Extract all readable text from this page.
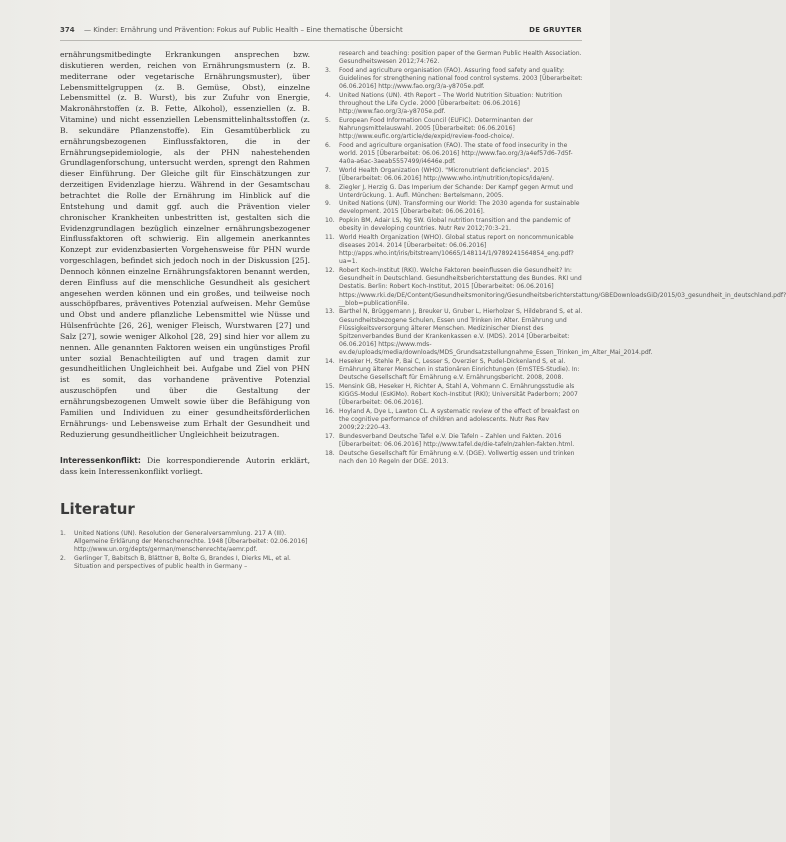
374 — Kinder: Ernährung und Prävention: Fokus auf Public Health – Eine thematische Übersicht	DE GRUYTER

ernährungsmitbedingte Erkrankungen ansprechen bzw. diskutieren werden, reichen von Ernährungsmustern (z. B. mediterrane oder vegetarische Ernährungsmuster), über Lebensmittelgruppen (z. B. Gemüse, Obst), einzelne Lebensmittel (z. B. Wurst), bis zur Zufuhr von Energie, Makronährstoffen (z. B. Fette, Alkohol), essenziellen (z. B. Vitamine) und nicht essenziellen Lebensmittelinhaltsstoffen (z. B. sekundäre Pflanzenstoffe). Ein Gesamtüberblick zu ernährungsbezogenen Einflussfaktoren, die in der Ernährungsepidemiologie, als der PHN nahestehenden Grundlagenforschung, untersucht werden, sprengt den Rahmen dieser Einführung. Der Gleiche gilt für Einschätzungen zur derzeitigen Evidenzlage hierzu. Während in der Gesamtschau betrachtet die Rolle der Ernährung im Hinblick auf die Entstehung und damit ggf. auch die Prävention vieler chronischer Krankheiten unbestritten ist, gestalten sich die Evidenzgrundlagen bezüglich einzelner ernährungsbezogener Einflussfaktoren oft schwierig. Ein allgemein anerkanntes Konzept zur evidenzbasierten Vorgehensweise für PHN wurde vorgeschlagen, befindet sich jedoch noch in der Diskussion [25]. Dennoch können einzelne Ernährungsfaktoren benannt werden, deren Einfluss auf die menschliche Gesundheit als gesichert angesehen werden können und ein großes, und teilweise noch ausschöpfbares, präventives Potenzial aufweisen. Mehr Gemüse und Obst und andere pflanzliche Lebensmittel wie Nüsse und Hülsenfrüchte [26, 26], weniger Fleisch, Wurstwaren [27] und Salz [27], sowie weniger Alkohol [28, 29] sind hier vor allem zu nennen. Alle genannten Faktoren weisen ein ungünstiges Profil unter sozial Benachteiligten auf und tragen damit zur gesundheitlichen Ungleichheit bei. Aufgabe und Ziel von PHN ist es somit, das vorhandene präventive Potenzial auszuschöpfen und über die Gestaltung der ernährungsbezogenen Umwelt sowie über die Befähigung von Familien und Individuen zu einer gesundheitsförderlichen Ernährungs- und Lebensweise zum Erhalt der Gesundheit und Reduzierung gesundheitlicher Ungleichheit beizutragen.

Interessenkonflikt: Die korrespondierende Autorin erklärt, dass kein Interessenkonflikt vorliegt.

Literatur
1. United Nations (UN). Resolution der Generalversammlung. 217 A (III). Allgemeine Erklärung der Menschenrechte. 1948 [Überarbeitet: 02.06.2016] http://www.un.org/depts/german/menschenrechte/aemr.pdf.
2. Gerlinger T, Babitsch B, Blättner B, Bolte G, Brandes I, Dierks ML, et al. Situation and perspectives of public health in Germany –
research and teaching: position paper of the German Public Health Association. Gesundheitswesen 2012;74:762.
3. Food and agriculture organisation (FAO). Assuring food safety and quality: Guidelines for strengthening national food control systems. 2003 [Überarbeitet: 06.06.2016] http://www.fao.org/3/a-y8705e.pdf.
4. United Nations (UN). 4th Report – The World Nutrition Situation: Nutrition throughout the Life Cycle. 2000 [Überarbeitet: 06.06.2016] http://www.fao.org/3/a-y8705e.pdf.
5. European Food Information Council (EUFIC). Determinanten der Nahrungsmittelauswahl. 2005 [Überarbeitet: 06.06.2016] http://www.eufic.org/article/de/expid/review-food-choice/.
6. Food and agriculture organisation (FAO). The state of food insecurity in the world. 2015 [Überarbeitet: 06.06.2016] http://www.fao.org/3/a4ef57d6-7d5f-4a0a-a6ac-3aeab5557499/i4646e.pdf.
7. World Health Organization (WHO). "Micronutrient deficiencies". 2015 [Überarbeitet: 06.06.2016] http://www.who.int/nutrition/topics/ida/en/.
8. Ziegler J, Herzig G. Das Imperium der Schande: Der Kampf gegen Armut und Unterdrückung. 1. Aufl. München: Bertelsmann, 2005.
9. United Nations (UN). Transforming our World: The 2030 agenda for sustainable development. 2015 [Überarbeitet: 06.06.2016].
10. Popkin BM, Adair LS, Ng SW. Global nutrition transition and the pandemic of obesity in developing countries. Nutr Rev 2012;70:3–21.
11. World Health Organization (WHO). Global status report on noncommunicable diseases 2014. 2014 [Überarbeitet: 06.06.2016] http://apps.who.int/iris/bitstream/10665/148114/1/9789241564854_eng.pdf?ua=1.
12. Robert Koch-Institut (RKI). Welche Faktoren beeinflussen die Gesundheit? In: Gesundheit in Deutschland. Gesundheitsberichterstattung des Bundes. RKI und Destatis. Berlin: Robert Koch-Institut, 2015 [Überarbeitet: 06.06.2016] https://www.rki.de/DE/Content/Gesundheitsmonitoring/Gesundheitsberichterstattung/GBEDownloadsGiD/2015/03_gesundheit_in_deutschland.pdf?__blob=publicationFile.
13. Barthel N, Brüggemann J, Breuker U, Gruber L, Hierholzer S, Hildebrand S, et al. Gesundheitsbezogene Schulen, Essen und Trinken im Alter. Ernährung und Flüssigkeitsversorgung älterer Menschen. Medizinischer Dienst des Spitzenverbandes Bund der Krankenkassen e.V. (MDS). 2014 [Überarbeitet: 06.06.2016] https://www.mds-ev.de/uploads/media/downloads/MDS_Grundsatzstellungnahme_Essen_Trinken_im_Alter_Mai_2014.pdf.
14. Heseker H, Stehle P, Bai C, Lesser S, Overzier S, Pudel-Dickenland S, et al. Ernährung älterer Menschen in stationären Einrichtungen (ErnSTES-Studie). In: Deutsche Gesellschaft für Ernährung e.V. Ernährungsbericht. 2008, 2008.
15. Mensink GB, Heseker H, Richter A, Stahl A, Vohmann C. Ernährungsstudie als KiGGS-Modul (EsKiMo). Robert Koch-Institut (RKI); Universität Paderborn; 2007 [Überarbeitet: 06.06.2016].
16. Hoyland A, Dye L, Lawton CL. A systematic review of the effect of breakfast on the cognitive performance of children and adolescents. Nutr Res Rev 2009;22:220–43.
17. Bundesverband Deutsche Tafel e.V. Die Tafeln – Zahlen und Fakten. 2016 [Überarbeitet: 06.06.2016] http://www.tafel.de/die-tafeln/zahlen-fakten.html.
18. Deutsche Gesellschaft für Ernährung e.V. (DGE). Vollwertig essen und trinken nach den 10 Regeln der DGE. 2013.
